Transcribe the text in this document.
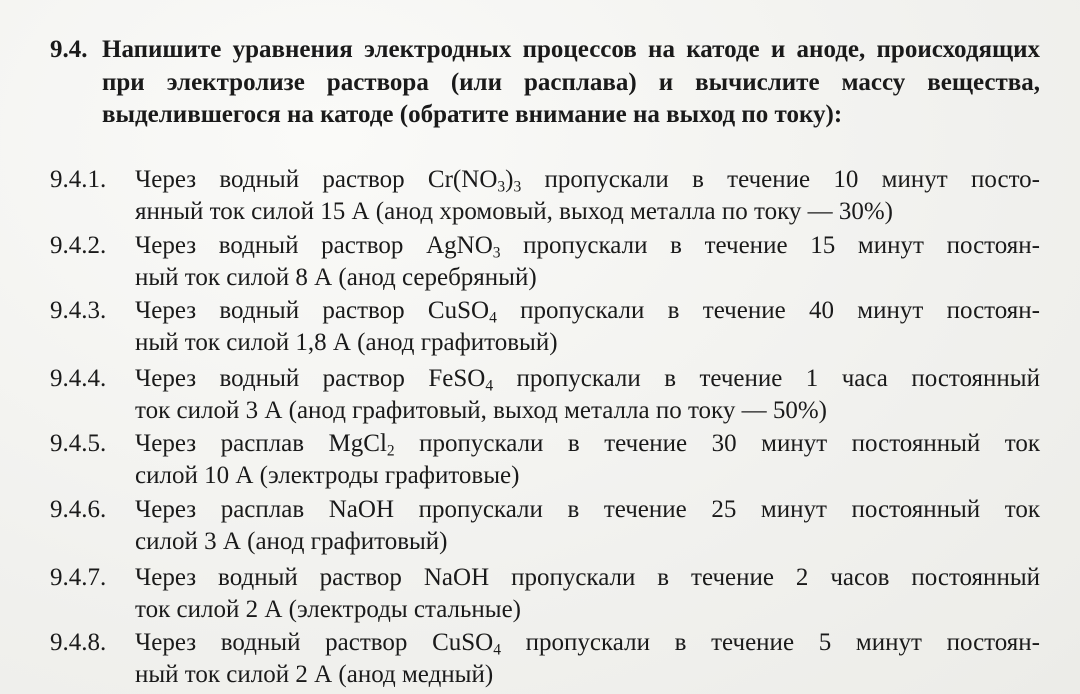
9.4. Напишите уравнения электродных процессов на катоде и аноде, происходящих при электролизе раствора (или расплава) и вычислите массу вещества, выделившегося на катоде (обратите внимание на выход по току):
9.4.1. Через водный раствор $Cr(NO_3)_3$ пропускали в течение 10 минут посто-
янный ток силой 15 А (анод хромовый, выход металла по току — 30%)
9.4.2. Через водный раствор AgNO$_3$ пропускали в течение 15 минут постоян-
ный ток силой 8 А (анод серебряный)
9.4.3. Через водный раствор CuSO$_4$ пропускали в течение 40 минут постоян-
ный ток силой 1,8 А (анод графитовый)
9.4.4. Через водный раствор FeSO$_4$ пропускали в течение 1 часа постоянный
ток силой 3 А (анод графитовый, выход металла по току — 50%)
9.4.5. Через расплав MgCl$_2$ пропускали в течение 30 минут постоянный ток
силой 10 А (электроды графитовые)
9.4.6. Через расплав NaOH пропускали в течение 25 минут постоянный ток
силой 3 А (анод графитовый)
9.4.7. Через водный раствор NaOH пропускали в течение 2 часов постоянный
ток силой 2 А (электроды стальные)
9.4.8. Через водный раствор CuSO$_4$ пропускали в течение 5 минут постоян-
ный ток силой 2 А (анод медный)
